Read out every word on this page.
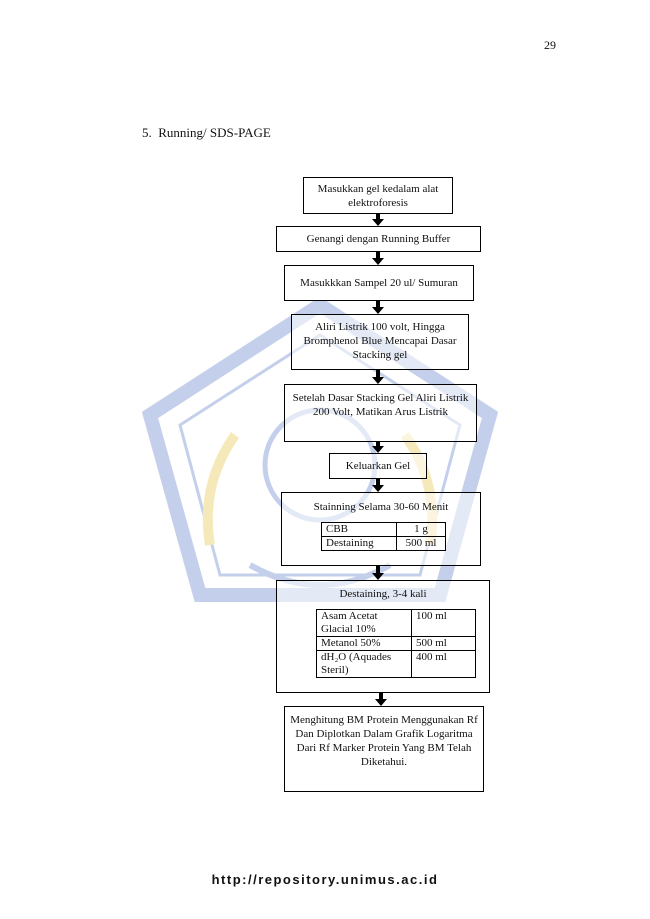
29
5.  Running/ SDS-PAGE
Masukkan gel kedalam alat elektroforesis
Genangi dengan Running Buffer
Masukkkan Sampel 20 ul/ Sumuran
Aliri Listrik 100 volt, Hingga Bromphenol Blue Mencapai Dasar Stacking gel
Setelah Dasar Stacking Gel Aliri Listrik 200 Volt, Matikan Arus Listrik
Keluarkan Gel
Stainning Selama 30-60 Menit
CBB	1 g
Destaining	500 ml
Destaining, 3-4 kali
Asam Acetat Glacial 10%	100 ml
Metanol 50%	500 ml
dH₂O (Aquades Steril)	400 ml
Menghitung BM Protein Menggunakan Rf Dan Diplotkan Dalam Grafik Logaritma Dari Rf Marker Protein Yang BM Telah Diketahui.
http://repository.unimus.ac.id
